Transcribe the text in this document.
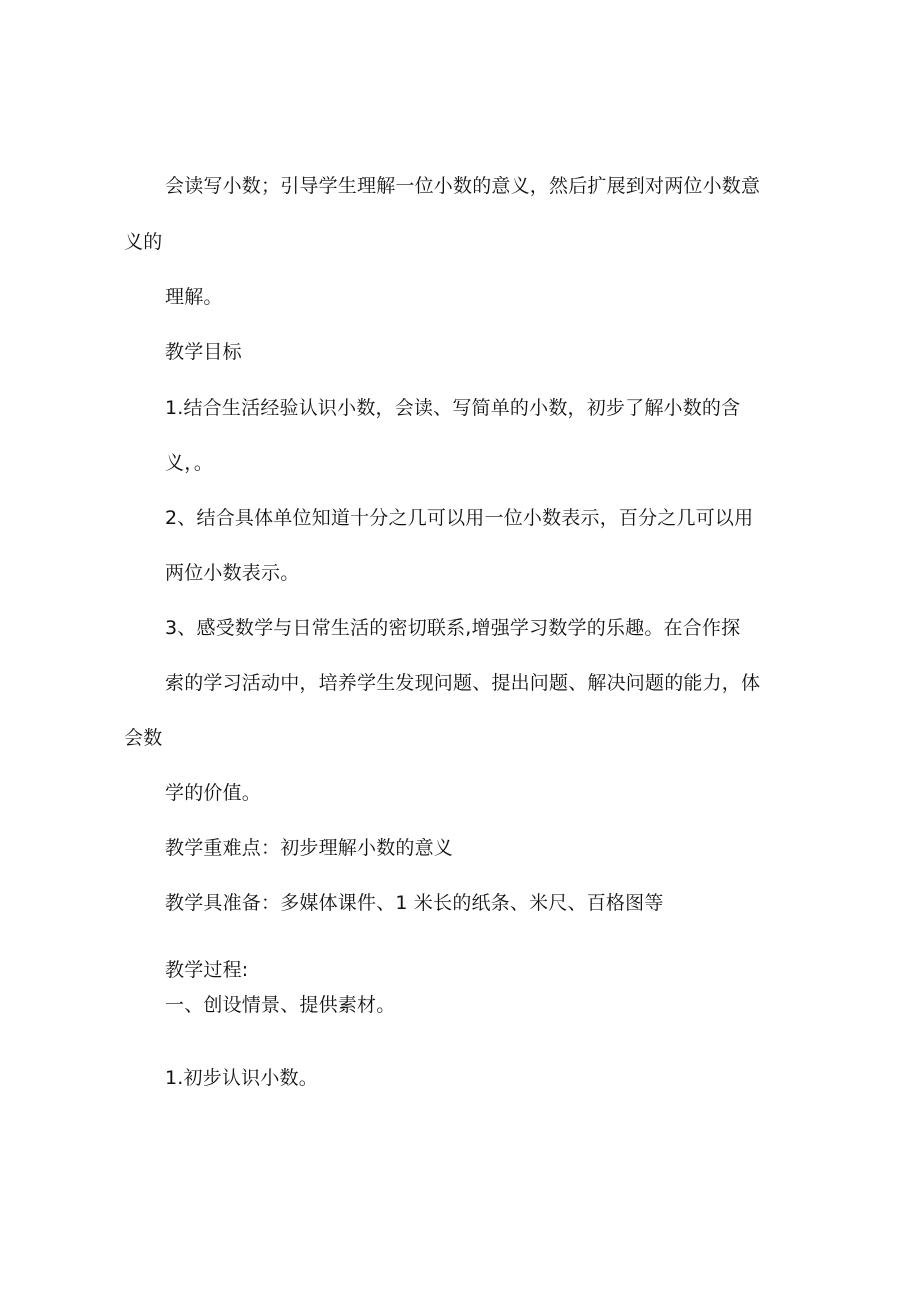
会读写小数；引导学生理解一位小数的意义，然后扩展到对两位小数意
义的
理解。
教学目标
1.结合生活经验认识小数，会读、写简单的小数，初步了解小数的含
义，。
2、结合具体单位知道十分之几可以用一位小数表示，百分之几可以用
两位小数表示。
3、感受数学与日常生活的密切联系,增强学习数学的乐趣。在合作探
索的学习活动中，培养学生发现问题、提出问题、解决问题的能力，体
会数
学的价值。
教学重难点：初步理解小数的意义
教学具准备：多媒体课件、1 米长的纸条、米尺、百格图等
教学过程:
一、创设情景、提供素材。
1.初步认识小数。
